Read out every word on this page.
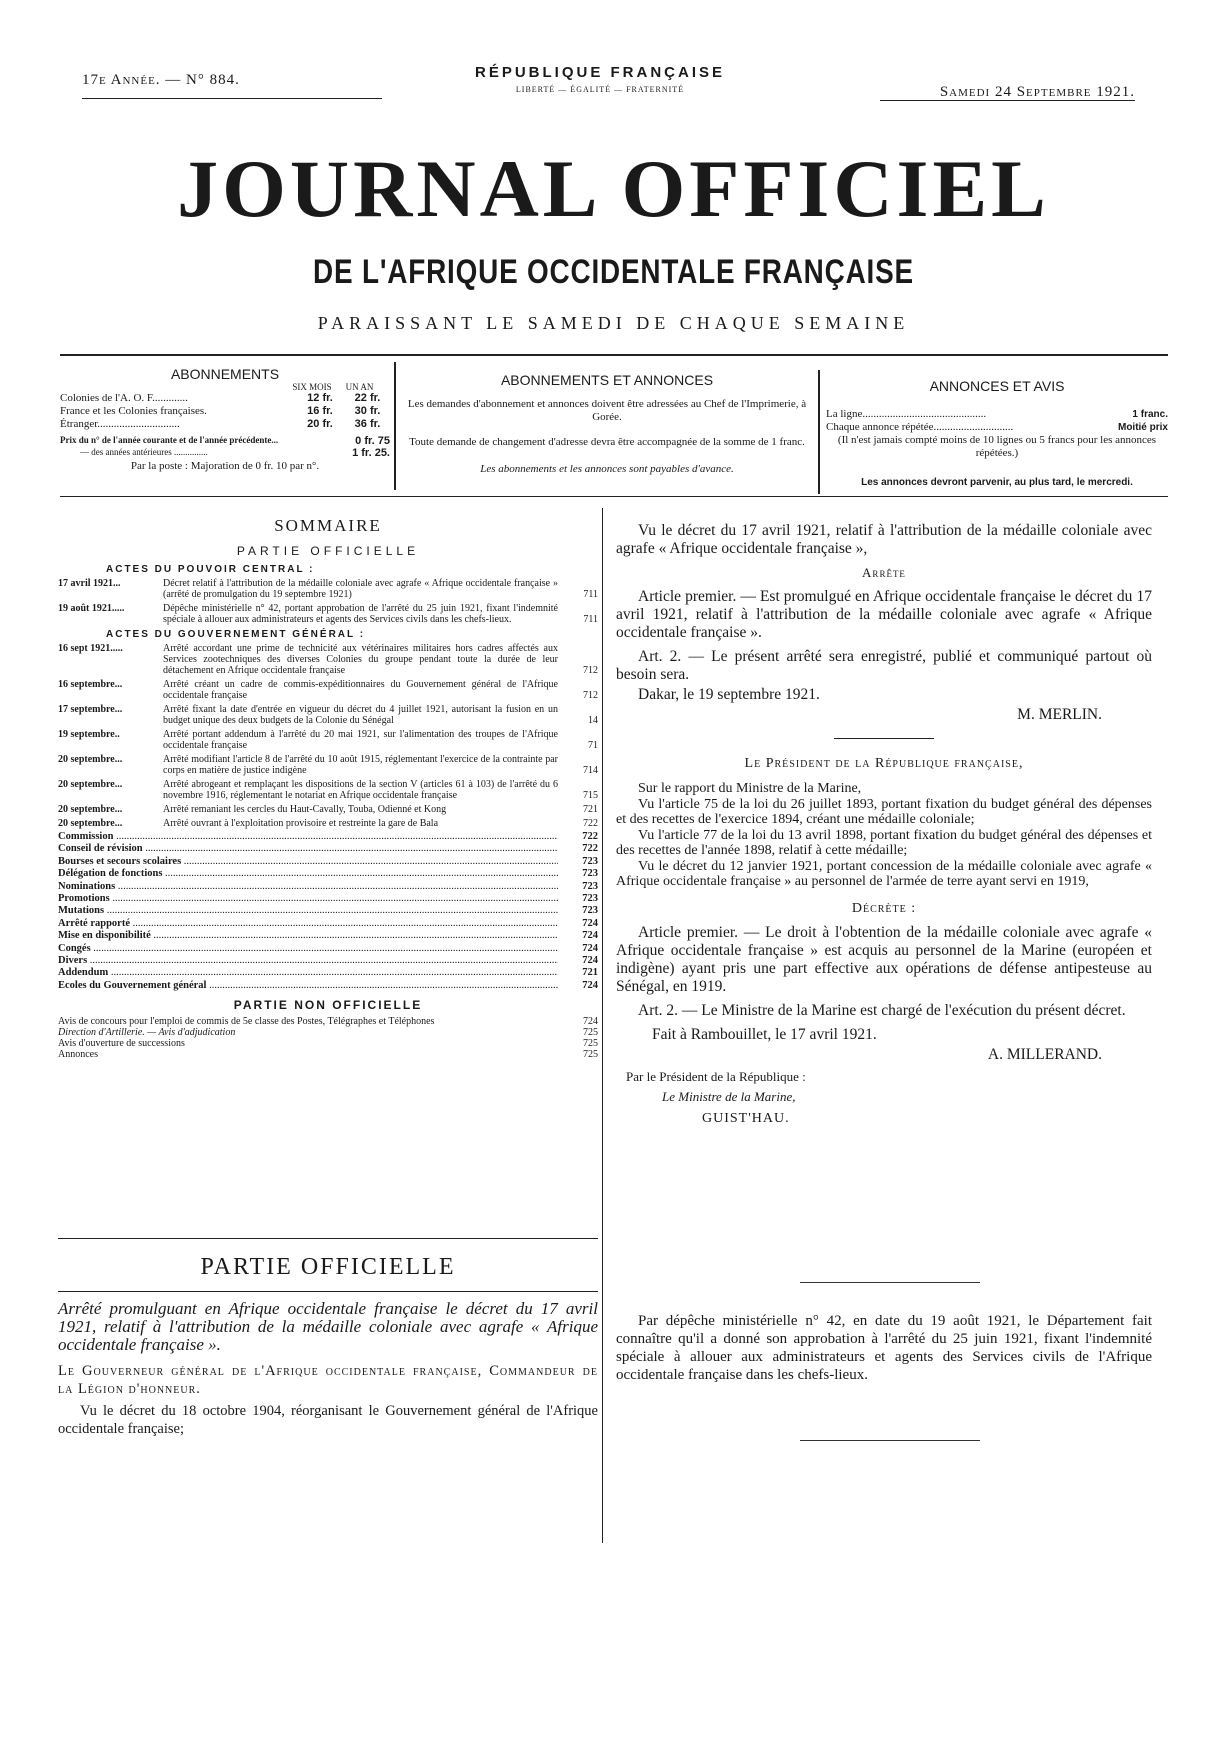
17e Année. — N° 884.	RÉPUBLIQUE FRANÇAISE
LIBERTÉ — ÉGALITÉ — FRATERNITÉ	Samedi 24 Septembre 1921.
JOURNAL OFFICIEL
DE L'AFRIQUE OCCIDENTALE FRANÇAISE
PARAISSANT LE SAMEDI DE CHAQUE SEMAINE
ABONNEMENTS
SIX MOIS	UN AN
Colonies de l'A. O. F.............	12 fr.	22 fr.
France et les Colonies françaises.	16 fr.	30 fr.
Étranger..............................	20 fr.	36 fr.
Prix du n° de l'année courante et de l'année précédente...	0 fr. 75
— des années antérieures ...............	1 fr. 25.
Par la poste : Majoration de 0 fr. 10 par n°.
ABONNEMENTS ET ANNONCES
Les demandes d'abonnement et annonces doivent être adressées au Chef de l'Imprimerie, à Gorée.
Toute demande de changement d'adresse devra être accompagnée de la somme de 1 franc.
Les abonnements et les annonces sont payables d'avance.
ANNONCES ET AVIS
La ligne.............................................	1 franc.
Chaque annonce répétée.............................	Moitié prix
(Il n'est jamais compté moins de 10 lignes ou 5 francs pour les annonces répétées.)
Les annonces devront parvenir, au plus tard, le mercredi.
SOMMAIRE
PARTIE OFFICIELLE
ACTES DU POUVOIR CENTRAL :
17 avril 1921...	Décret relatif à l'attribution de la médaille coloniale avec agrafe « Afrique occidentale française » (arrêté de promulgation du 19 septembre 1921)	711
19 août 1921.....	Dépêche ministérielle n° 42, portant approbation de l'arrêté du 25 juin 1921, fixant l'indemnité spéciale à allouer aux administrateurs et agents des Services civils dans les chefs-lieux.	711
ACTES DU GOUVERNEMENT GÉNÉRAL :
16 sept 1921.....	Arrêté accordant une prime de technicité aux vétérinaires militaires hors cadres affectés aux Services zootechniques des diverses Colonies du groupe pendant toute la durée de leur détachement en Afrique occidentale française	712
16 septembre...	Arrêté créant un cadre de commis-expéditionnaires du Gouvernement général de l'Afrique occidentale française	712
17 septembre...	Arrêté fixant la date d'entrée en vigueur du décret du 4 juillet 1921, autorisant la fusion en un budget unique des deux budgets de la Colonie du Sénégal	14
19 septembre..	Arrêté portant addendum à l'arrêté du 20 mai 1921, sur l'alimentation des troupes de l'Afrique occidentale française	71
20 septembre...	Arrêté modifiant l'article 8 de l'arrêté du 10 août 1915, réglementant l'exercice de la contrainte par corps en matière de justice indigène	714
20 septembre...	Arrêté abrogeant et remplaçant les dispositions de la section V (articles 61 à 103) de l'arrêté du 6 novembre 1916, réglementant le notariat en Afrique occidentale française	715
20 septembre...	Arrêté remaniant les cercles du Haut-Cavally, Touba, Odienné et Kong	721
20 septembre...	Arrêté ouvrant à l'exploitation provisoire et restreinte la gare de Bala	722
Commission .....	722
Conseil de révision .....	722
Bourses et secours scolaires .....	723
Délégation de fonctions .....	723
Nominations .....	723
Promotions .....	723
Mutations .....	723
Arrêté rapporté .....	724
Mise en disponibilité .....	724
Congés .....	724
Divers .....	724
Addendum .....	721
Ecoles du Gouvernement général .....	724
PARTIE NON OFFICIELLE
Avis de concours pour l'emploi de commis de 5e classe des Postes, Télégraphes et Téléphones	724
Direction d'Artillerie. — Avis d'adjudication	725
Avis d'ouverture de successions	725
Annonces	725
PARTIE OFFICIELLE
Arrêté promulguant en Afrique occidentale française le décret du 17 avril 1921, relatif à l'attribution de la médaille coloniale avec agrafe « Afrique occidentale française ».
Le Gouverneur général de l'Afrique occidentale française, Commandeur de la Légion d'honneur.
Vu le décret du 18 octobre 1904, réorganisant le Gouvernement général de l'Afrique occidentale française;

Vu le décret du 17 avril 1921, relatif à l'attribution de la médaille coloniale avec agrafe « Afrique occidentale française »,

Arrête

Article premier. — Est promulgué en Afrique occidentale française le décret du 17 avril 1921, relatif à l'attribution de la médaille coloniale avec agrafe « Afrique occidentale française ».

Art. 2. — Le présent arrêté sera enregistré, publié et communiqué partout où besoin sera.

Dakar, le 19 septembre 1921.

M. MERLIN.
Le Président de la République française,

Sur le rapport du Ministre de la Marine,

Vu l'article 75 de la loi du 26 juillet 1893, portant fixation du budget général des dépenses et des recettes de l'exercice 1894, créant une médaille coloniale;

Vu l'article 77 de la loi du 13 avril 1898, portant fixation du budget général des dépenses et des recettes de l'année 1898, relatif à cette médaille;

Vu le décret du 12 janvier 1921, portant concession de la médaille coloniale avec agrafe « Afrique occidentale française » au personnel de l'armée de terre ayant servi en 1919,

Décrète :

Article premier. — Le droit à l'obtention de la médaille coloniale avec agrafe « Afrique occidentale française » est acquis au personnel de la Marine (européen et indigène) ayant pris une part effective aux opérations de défense antipesteuse au Sénégal, en 1919.

Art. 2. — Le Ministre de la Marine est chargé de l'exécution du présent décret.

Fait à Rambouillet, le 17 avril 1921.

A. MILLERAND.
Par le Président de la République :
Le Ministre de la Marine,
GUIST'HAU.

Par dépêche ministérielle n° 42, en date du 19 août 1921, le Département fait connaître qu'il a donné son approbation à l'arrêté du 25 juin 1921, fixant l'indemnité spéciale à allouer aux administrateurs et agents des Services civils de l'Afrique occidentale française dans les chefs-lieux.
